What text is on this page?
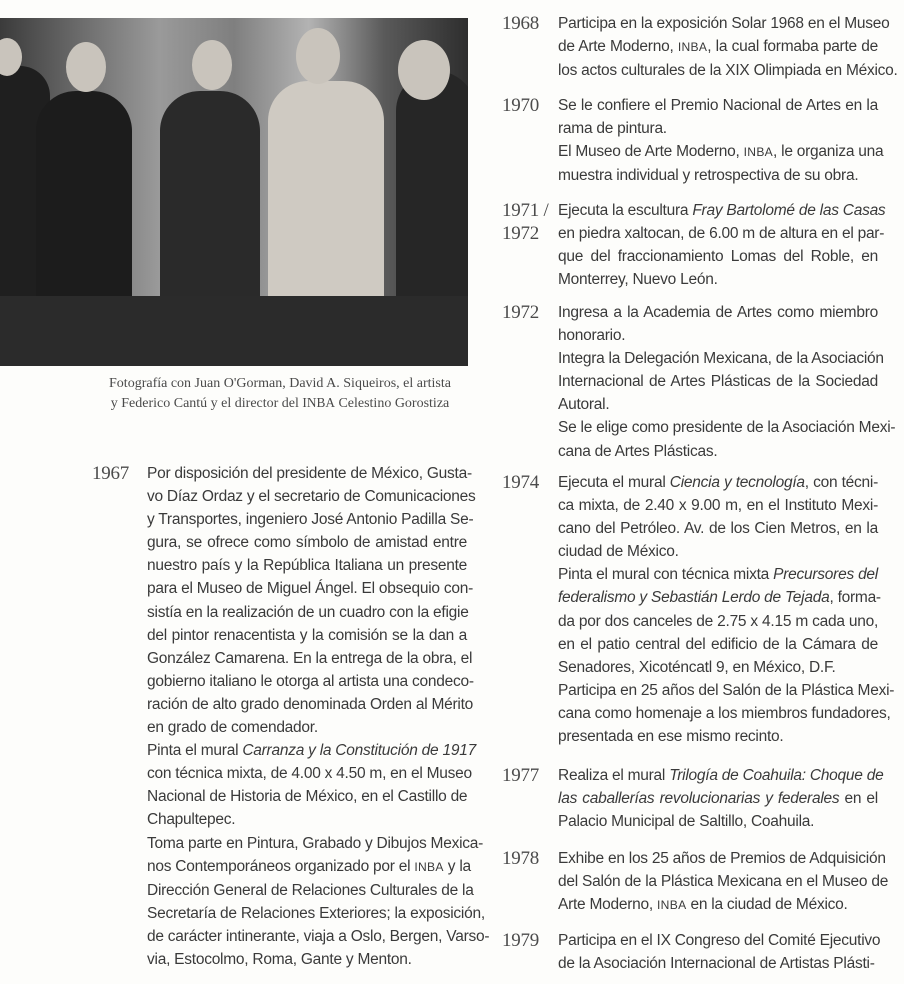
Fotografía con Juan O'Gorman, David A. Siqueiros, el artista

y Federico Cantú y el director del INBA Celestino Gorostiza

1967 Por disposición del presidente de México, Gusta-
vo Díaz Ordaz y el secretario de Comunicaciones
y Transportes, ingeniero José Antonio Padilla Se-
gura, se ofrece como símbolo de amistad entre
nuestro país y la República Italiana un presente
para el Museo de Miguel Ángel. El obsequio con-
sistía en la realización de un cuadro con la efigie
del pintor renacentista y la comisión se la dan a
González Camarena. En la entrega de la obra, el
gobierno italiano le otorga al artista una condeco-
ración de alto grado denominada Orden al Mérito
en grado de comendador.

Pinta el mural Carranza y la Constitución de 1917
con técnica mixta, de 4.00 x 4.50 m, en el Museo
Nacional de Historia de México, en el Castillo de
Chapultepec.

Toma parte en Pintura, Grabado y Dibujos Mexica-
nos Contemporáneos organizado por el INBA y la
Dirección General de Relaciones Culturales de la
Secretaría de Relaciones Exteriores; la exposición,
de carácter intinerante, viaja a Oslo, Bergen, Varso-
via, Estocolmo, Roma, Gante y Menton.

1968 Participa en la exposición Solar 1968 en el Museo
de Arte Moderno, INBA, la cual formaba parte de
los actos culturales de la XIX Olimpiada en México.

1970 Se le confiere el Premio Nacional de Artes en la
rama de pintura.

El Museo de Arte Moderno, INBA, le organiza una
muestra individual y retrospectiva de su obra.

1971 /
1972

Ejecuta la escultura Fray Bartolomé de las Casas
en piedra xaltocan, de 6.00 m de altura en el par-
que del fraccionamiento Lomas del Roble, en
Monterrey, Nuevo León.

1972 Ingresa a la Academia de Artes como miembro
honorario.

Integra la Delegación Mexicana, de la Asociación
Internacional de Artes Plásticas de la Sociedad
Autoral.

Se le elige como presidente de la Asociación Mexi-
cana de Artes Plásticas.

1974 Ejecuta el mural Ciencia y tecnología, con técni-
ca mixta, de 2.40 x 9.00 m, en el Instituto Mexi-
cano del Petróleo. Av. de los Cien Metros, en la
ciudad de México.

Pinta el mural con técnica mixta Precursores del
federalismo y Sebastián Lerdo de Tejada, forma-
da por dos canceles de 2.75 x 4.15 m cada uno,
en el patio central del edificio de la Cámara de
Senadores, Xicoténcatl 9, en México, D.F.

Participa en 25 años del Salón de la Plástica Mexi-
cana como homenaje a los miembros fundadores,
presentada en ese mismo recinto.

1977 Realiza el mural Trilogía de Coahuila: Choque de
las caballerías revolucionarias y federales en el
Palacio Municipal de Saltillo, Coahuila.

1978 Exhibe en los 25 años de Premios de Adquisición
del Salón de la Plástica Mexicana en el Museo de
Arte Moderno, INBA en la ciudad de México.

1979 Participa en el IX Congreso del Comité Ejecutivo
de la Asociación Internacional de Artistas Plásti-
